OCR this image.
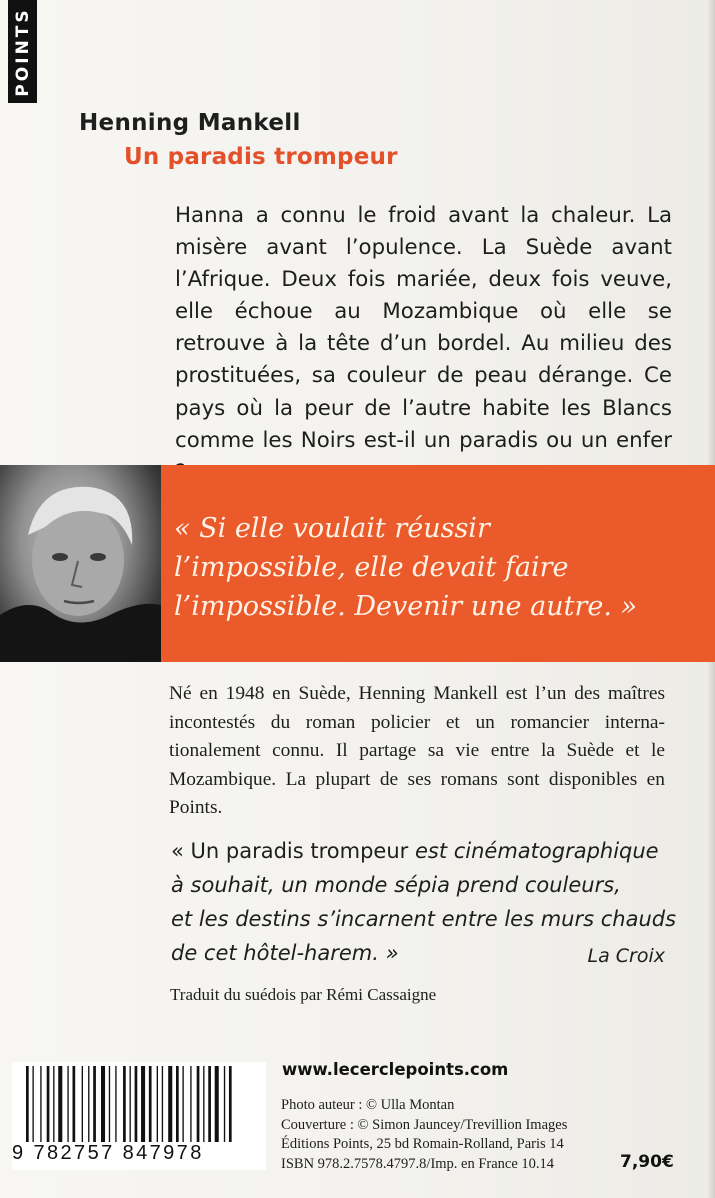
POINTS
Henning Mankell
Un paradis trompeur

Hanna a connu le froid avant la chaleur. La misère avant l’opulence. La Suède avant l’Afrique. Deux fois mariée, deux fois veuve, elle échoue au Mozambique où elle se retrouve à la tête d’un bordel. Au milieu des prostituées, sa couleur de peau dérange. Ce pays où la peur de l’autre habite les Blancs comme les Noirs est-il un paradis ou un enfer

« Si elle voulait réussir
l’impossible, elle devait faire
l’impossible. Devenir une autre. »

Né en 1948 en Suède, Henning Mankell est l’un des maîtres incontestés du roman policier et un romancier internationalement connu. Il partage sa vie entre la Suède et le Mozambique. La plupart de ses romans sont disponibles en Points.

« Un paradis trompeur est cinématographique
à souhait, un monde sépia prend couleurs,
et les destins s’incarnent entre les murs chauds
de cet hôtel-harem. »	La Croix
Traduit du suédois par Rémi Cassaigne
9 782757 847978
www.lecerclepoints.com

Photo auteur : © Ulla Montan
Couverture : © Simon Jauncey/Trevillion Images
Éditions Points, 25 bd Romain-Rolland, Paris 14
ISBN 978.2.7578.4797.8/Imp. en France 10.14	7,90€
